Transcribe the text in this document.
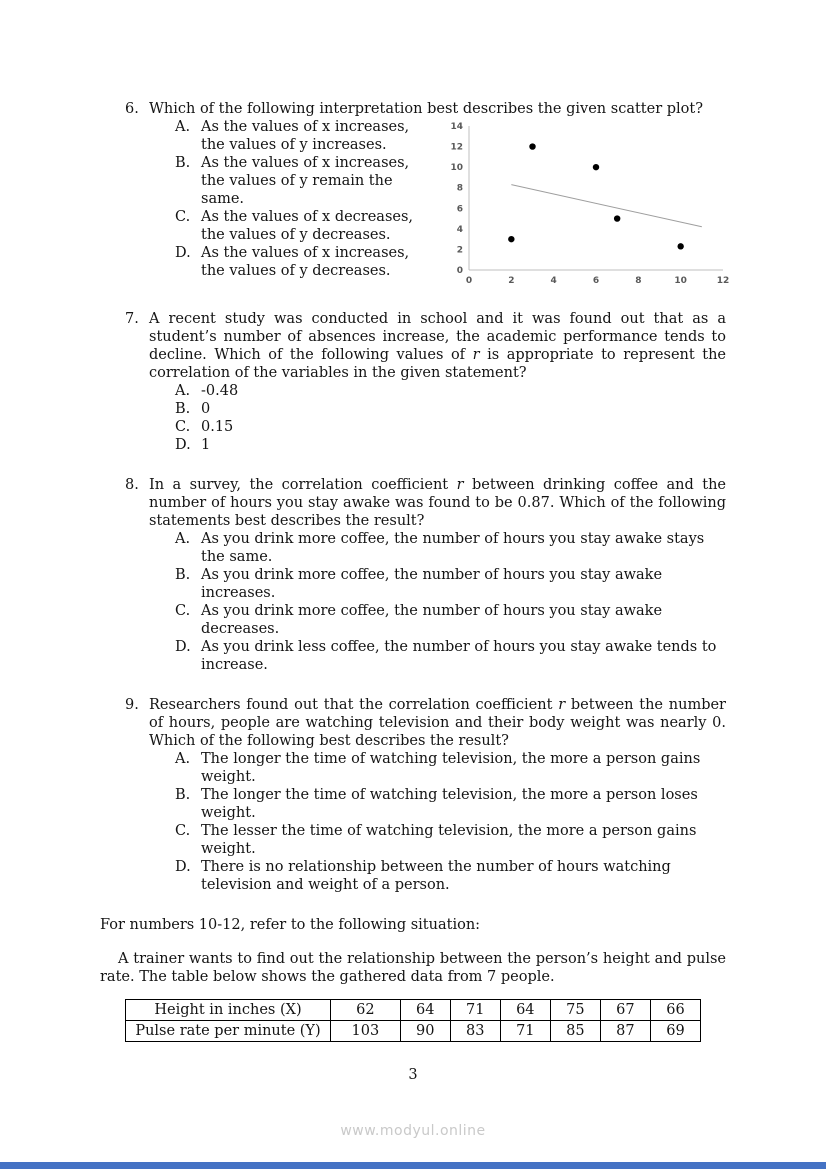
6. Which of the following interpretation best describes the given scatter plot?
A. As the values of x increases, the values of y increases.
B. As the values of x increases, the values of y remain the same.
C. As the values of x decreases, the values of y decreases.
D. As the values of x increases, the values of y decreases.	0
2
4
6
8
10
12
14
0	2	4	6	8	10	12
7. A recent study was conducted in school and it was found out that as a student’s number of absences increase, the academic performance tends to decline. Which of the following values of r is appropriate to represent the correlation of the variables in the given statement?
A. -0.48
B. 0
C. 0.15
D. 1
8. In a survey, the correlation coefficient r between drinking coffee and the number of hours you stay awake was found to be 0.87. Which of the following statements best describes the result?
A. As you drink more coffee, the number of hours you stay awake stays the same.
B. As you drink more coffee, the number of hours you stay awake increases.
C. As you drink more coffee, the number of hours you stay awake decreases.
D. As you drink less coffee, the number of hours you stay awake tends to increase.
9. Researchers found out that the correlation coefficient r between the number of hours, people are watching television and their body weight was nearly 0. Which of the following best describes the result?
A. The longer the time of watching television, the more a person gains weight.
B. The longer the time of watching television, the more a person loses weight.
C. The lesser the time of watching television, the more a person gains weight.
D. There is no relationship between the number of hours watching television and weight of a person.
For numbers 10-12, refer to the following situation:
A trainer wants to find out the relationship between the person’s height and pulse rate. The table below shows the gathered data from 7 people.
Height in inches (X)	62	64	71	64	75	67	66
Pulse rate per minute (Y)	103	90	83	71	85	87	69
3
www.modyul.online
